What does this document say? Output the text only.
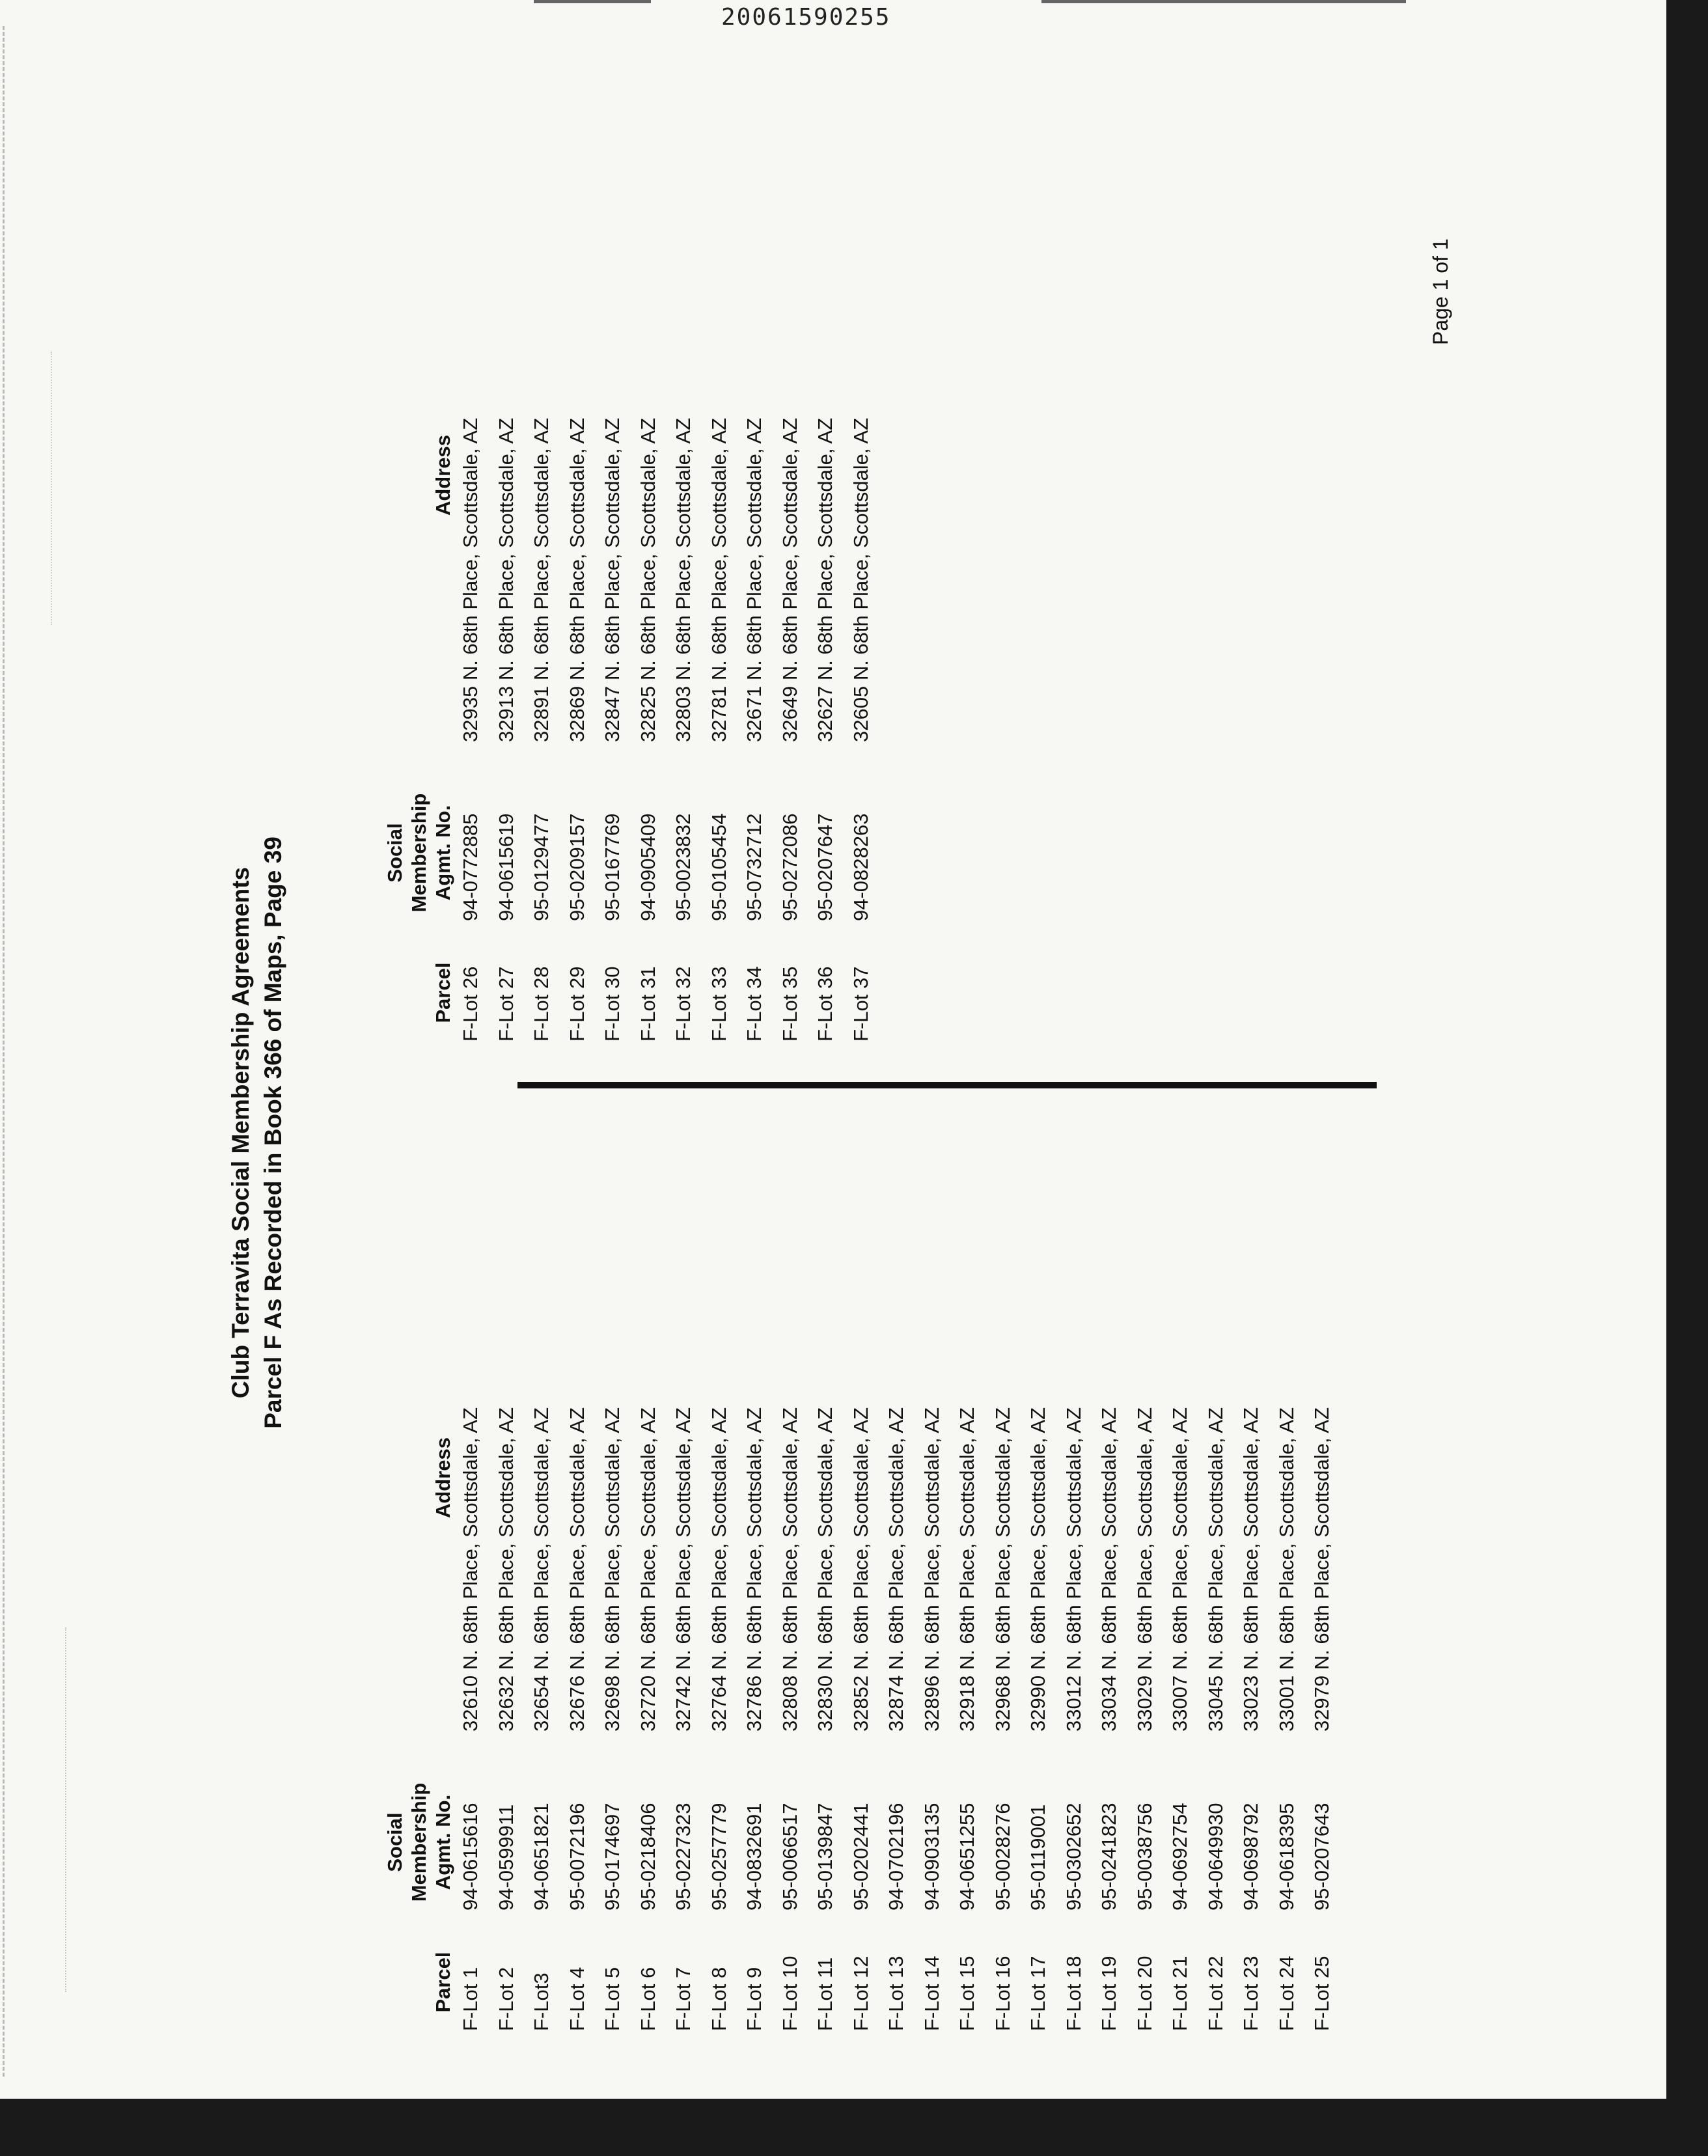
20061590255
Page 1 of 1
Club Terravita Social Membership Agreements Parcel F As Recorded in Book 366 of Maps, Page 39
Parcel
Social Membership Agmt. No.
Address
F-Lot 1
94-0615616
32610 N. 68th Place, Scottsdale, AZ
F-Lot 2
94-0599911
32632 N. 68th Place, Scottsdale, AZ
F-Lot3
94-0651821
32654 N. 68th Place, Scottsdale, AZ
F-Lot 4
95-0072196
32676 N. 68th Place, Scottsdale, AZ
F-Lot 5
95-0174697
32698 N. 68th Place, Scottsdale, AZ
F-Lot 6
95-0218406
32720 N. 68th Place, Scottsdale, AZ
F-Lot 7
95-0227323
32742 N. 68th Place, Scottsdale, AZ
F-Lot 8
95-0257779
32764 N. 68th Place, Scottsdale, AZ
F-Lot 9
94-0832691
32786 N. 68th Place, Scottsdale, AZ
F-Lot 10
95-0066517
32808 N. 68th Place, Scottsdale, AZ
F-Lot 11
95-0139847
32830 N. 68th Place, Scottsdale, AZ
F-Lot 12
95-0202441
32852 N. 68th Place, Scottsdale, AZ
F-Lot 13
94-0702196
32874 N. 68th Place, Scottsdale, AZ
F-Lot 14
94-0903135
32896 N. 68th Place, Scottsdale, AZ
F-Lot 15
94-0651255
32918 N. 68th Place, Scottsdale, AZ
F-Lot 16
95-0028276
32968 N. 68th Place, Scottsdale, AZ
F-Lot 17
95-0119001
32990 N. 68th Place, Scottsdale, AZ
F-Lot 18
95-0302652
33012 N. 68th Place, Scottsdale, AZ
F-Lot 19
95-0241823
33034 N. 68th Place, Scottsdale, AZ
F-Lot 20
95-0038756
33029 N. 68th Place, Scottsdale, AZ
F-Lot 21
94-0692754
33007 N. 68th Place, Scottsdale, AZ
F-Lot 22
94-0649930
33045 N. 68th Place, Scottsdale, AZ
F-Lot 23
94-0698792
33023 N. 68th Place, Scottsdale, AZ
F-Lot 24
94-0618395
33001 N. 68th Place, Scottsdale, AZ
F-Lot 25
95-0207643
32979 N. 68th Place, Scottsdale, AZ
Parcel
Social Membership Agmt. No.
Address
F-Lot 26
94-0772885
32935 N. 68th Place, Scottsdale, AZ
F-Lot 27
94-0615619
32913 N. 68th Place, Scottsdale, AZ
F-Lot 28
95-0129477
32891 N. 68th Place, Scottsdale, AZ
F-Lot 29
95-0209157
32869 N. 68th Place, Scottsdale, AZ
F-Lot 30
95-0167769
32847 N. 68th Place, Scottsdale, AZ
F-Lot 31
94-0905409
32825 N. 68th Place, Scottsdale, AZ
F-Lot 32
95-0023832
32803 N. 68th Place, Scottsdale, AZ
F-Lot 33
95-0105454
32781 N. 68th Place, Scottsdale, AZ
F-Lot 34
95-0732712
32671 N. 68th Place, Scottsdale, AZ
F-Lot 35
95-0272086
32649 N. 68th Place, Scottsdale, AZ
F-Lot 36
95-0207647
32627 N. 68th Place, Scottsdale, AZ
F-Lot 37
94-0828263
32605 N. 68th Place, Scottsdale, AZ
